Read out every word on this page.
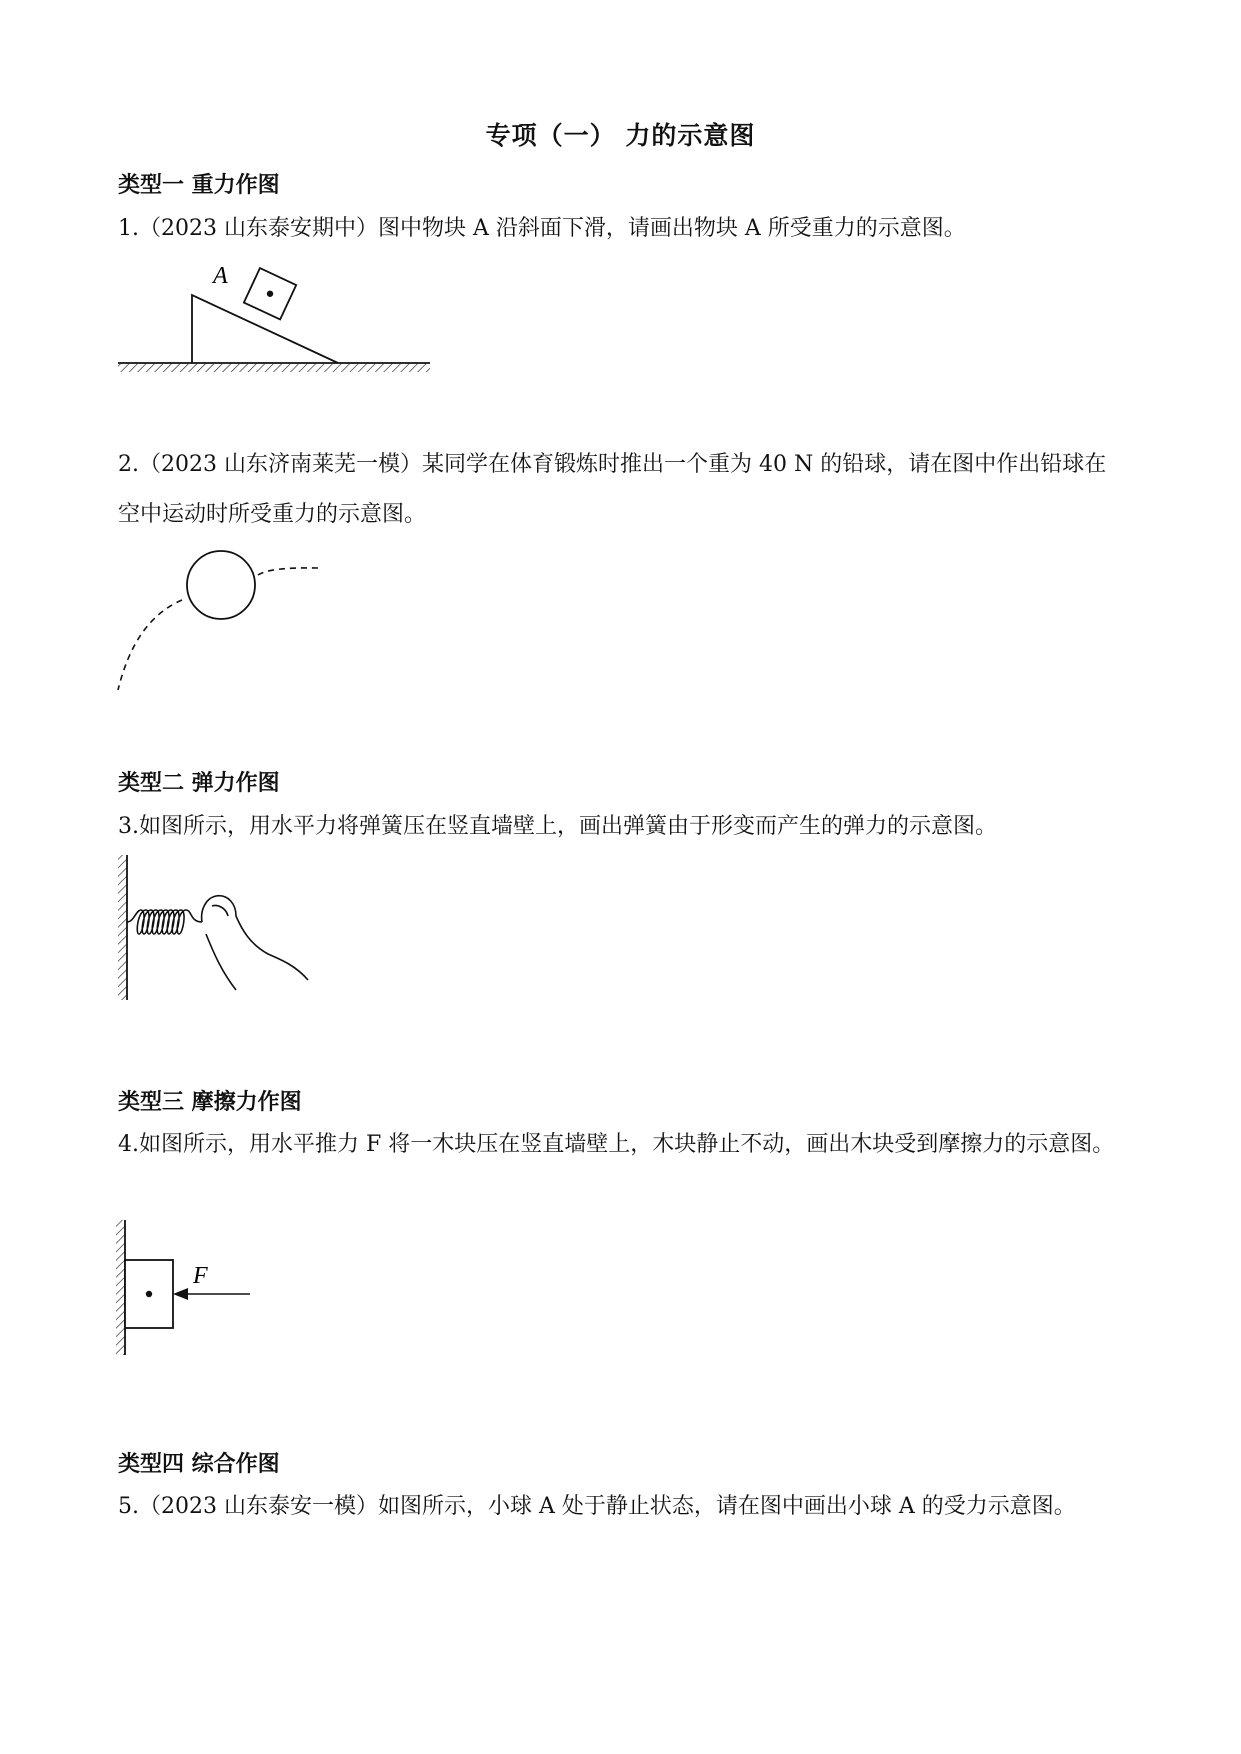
专项（一） 力的示意图
类型一 重力作图
1.（2023 山东泰安期中）图中物块 A 沿斜面下滑，请画出物块 A 所受重力的示意图。
A
2.（2023 山东济南莱芜一模）某同学在体育锻炼时推出一个重为 40 N 的铅球，请在图中作出铅球在空中运动时所受重力的示意图。
类型二 弹力作图
3.如图所示，用水平力将弹簧压在竖直墙壁上，画出弹簧由于形变而产生的弹力的示意图。
类型三 摩擦力作图
4.如图所示，用水平推力 F 将一木块压在竖直墙壁上，木块静止不动，画出木块受到摩擦力的示意图。
F
类型四 综合作图
5.（2023 山东泰安一模）如图所示，小球 A 处于静止状态，请在图中画出小球 A 的受力示意图。
